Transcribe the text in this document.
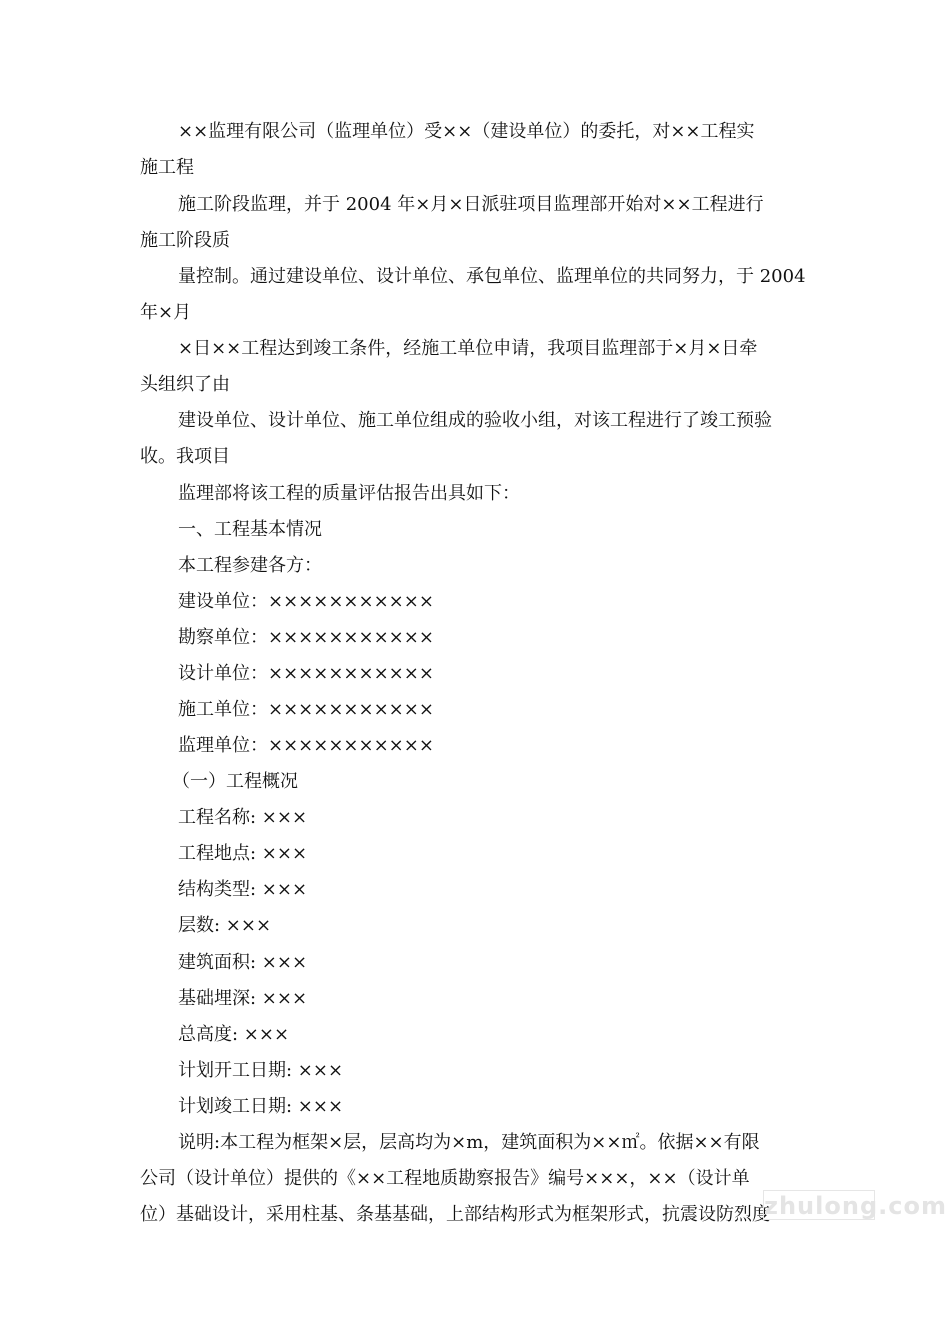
××监理有限公司（监理单位）受××（建设单位）的委托，对××工程实
施工程
施工阶段监理，并于 2004 年×月×日派驻项目监理部开始对××工程进行
施工阶段质
量控制。通过建设单位、设计单位、承包单位、监理单位的共同努力，于 2004
年×月
×日××工程达到竣工条件，经施工单位申请，我项目监理部于×月×日牵
头组织了由
建设单位、设计单位、施工单位组成的验收小组，对该工程进行了竣工预验
收。我项目
监理部将该工程的质量评估报告出具如下：
一、工程基本情况
本工程参建各方：
建设单位：×××××××××××
勘察单位：×××××××××××
设计单位：×××××××××××
施工单位：×××××××××××
监理单位：×××××××××××
（一）工程概况
工程名称: ×××
工程地点: ×××
结构类型: ×××
层数: ×××
建筑面积: ×××
基础埋深: ×××
总高度: ×××
计划开工日期: ×××
计划竣工日期: ×××
说明:本工程为框架×层，层高均为×m，建筑面积为××㎡。依据××有限
公司（设计单位）提供的《××工程地质勘察报告》编号×××，××（设计单
位）基础设计，采用柱基、条基基础，上部结构形式为框架形式，抗震设防烈度
zhulong.com
